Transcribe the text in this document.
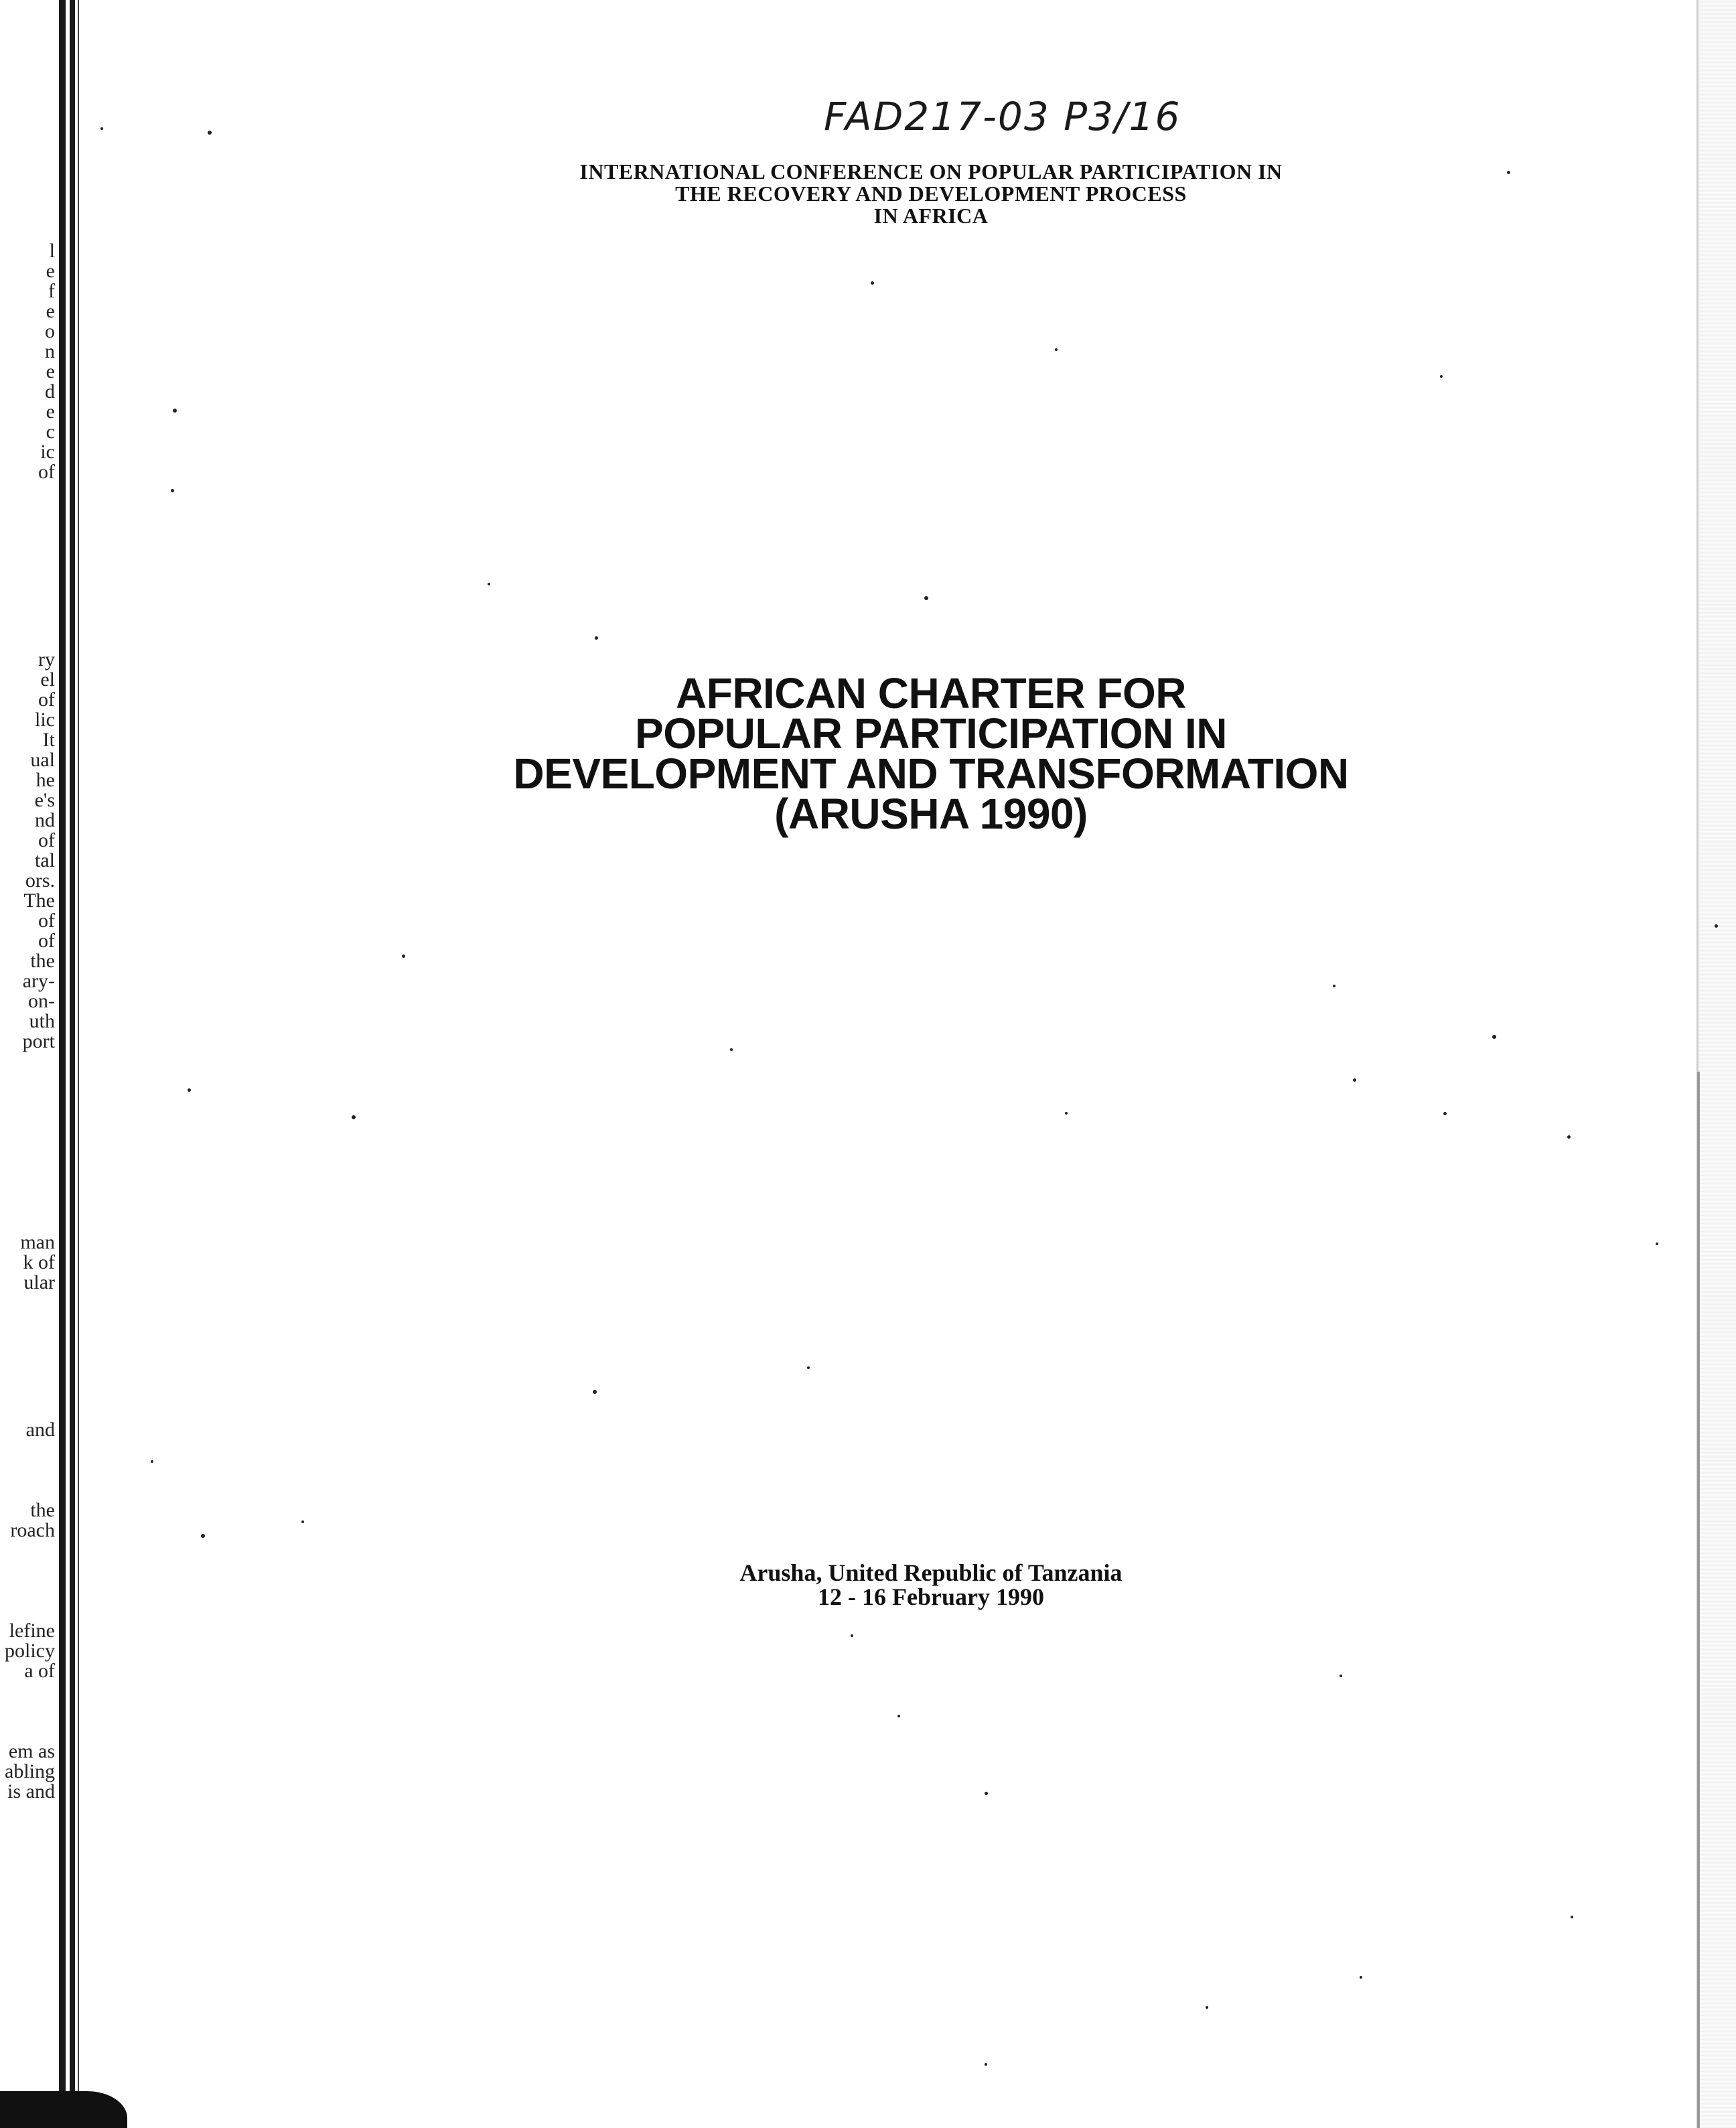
l
e
f
e
o
n
e
d
e
c
ic
of
ry
el
of
lic
It
ual
he
e's
nd
of
tal
ors.
The
of
of
the
ary-
on-
uth
port
man
k of
ular
and
the
roach
lefine
policy
a of
em as
abling
is and
FAD217-03 P3/16
INTERNATIONAL CONFERENCE ON POPULAR PARTICIPATION IN
THE RECOVERY AND DEVELOPMENT PROCESS
IN AFRICA
AFRICAN CHARTER FOR
POPULAR PARTICIPATION IN
DEVELOPMENT AND TRANSFORMATION
(ARUSHA 1990)
Arusha, United Republic of Tanzania
12 - 16 February 1990
